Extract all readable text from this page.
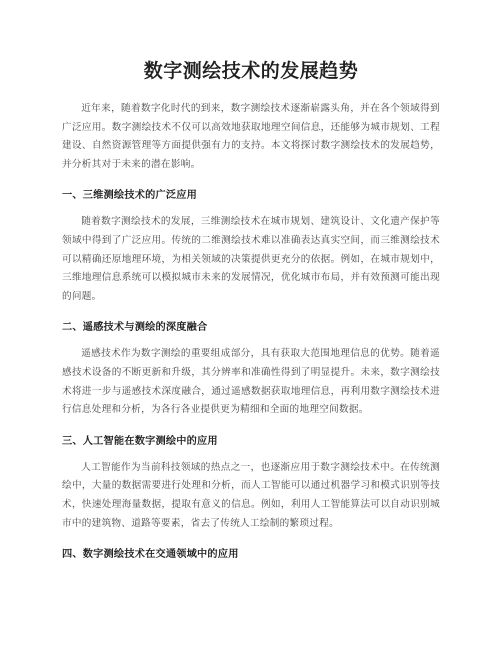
数字测绘技术的发展趋势

近年来，随着数字化时代的到来，数字测绘技术逐渐崭露头角，并在各个领域得到广泛应用。数字测绘技术不仅可以高效地获取地理空间信息，还能够为城市规划、工程建设、自然资源管理等方面提供强有力的支持。本文将探讨数字测绘技术的发展趋势，并分析其对于未来的潜在影响。

一、三维测绘技术的广泛应用

随着数字测绘技术的发展，三维测绘技术在城市规划、建筑设计、文化遗产保护等领域中得到了广泛应用。传统的二维测绘技术难以准确表达真实空间，而三维测绘技术可以精确还原地理环境，为相关领域的决策提供更充分的依据。例如，在城市规划中，三维地理信息系统可以模拟城市未来的发展情况，优化城市布局，并有效预测可能出现的问题。

二、遥感技术与测绘的深度融合

遥感技术作为数字测绘的重要组成部分，具有获取大范围地理信息的优势。随着遥感技术设备的不断更新和升级，其分辨率和准确性得到了明显提升。未来，数字测绘技术将进一步与遥感技术深度融合，通过遥感数据获取地理信息，再利用数字测绘技术进行信息处理和分析，为各行各业提供更为精细和全面的地理空间数据。

三、人工智能在数字测绘中的应用

人工智能作为当前科技领域的热点之一，也逐渐应用于数字测绘技术中。在传统测绘中，大量的数据需要进行处理和分析，而人工智能可以通过机器学习和模式识别等技术，快速处理海量数据，提取有意义的信息。例如，利用人工智能算法可以自动识别城市中的建筑物、道路等要素，省去了传统人工绘制的繁琐过程。

四、数字测绘技术在交通领域中的应用
